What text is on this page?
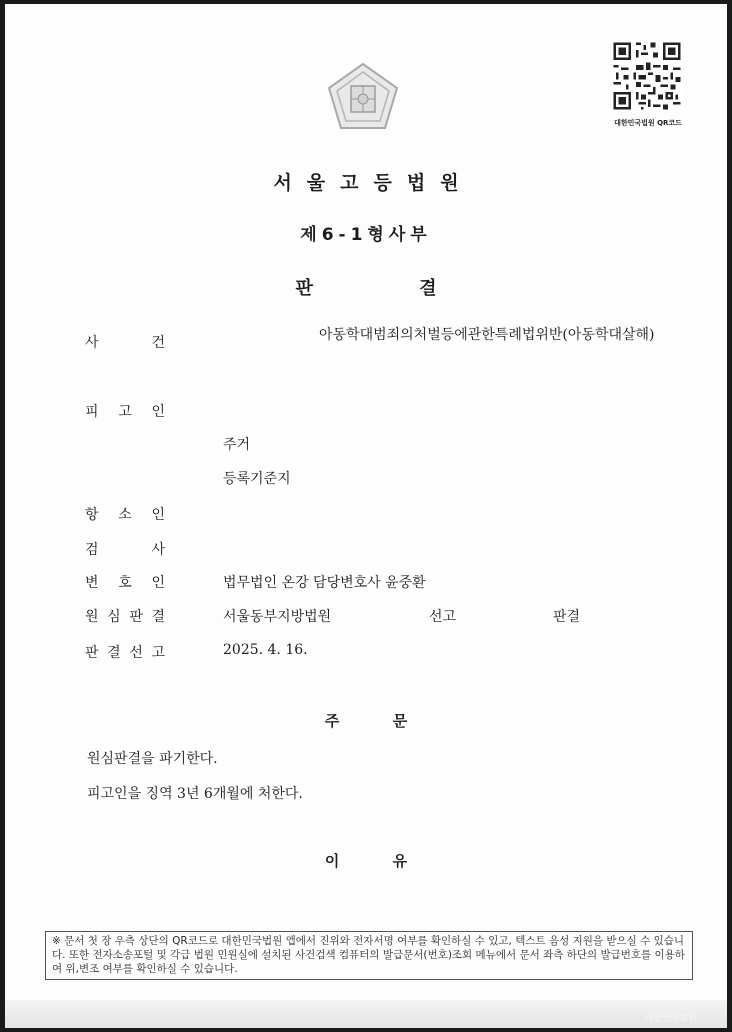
대한민국법원 QR코드
서울고등법원
제6-1형사부
판 결
사	건	아동학대범죄의처벌등에관한특례법위반(아동학대살해)
피 고 인
주거
등록기준지
항 소 인
검	사
변 호 인	법무법인 온강 담당변호사 윤중환
원 심 판 결	서울동부지방법원	선고	판결
판 결 선 고	2025. 4. 16.
주 문
원심판결을 파기한다.
피고인을 징역 3년 6개월에 처한다.
이 유
※ 문서 첫 장 우측 상단의 QR코드로 대한민국법원 앱에서 진위와 전자서명 여부를 확인하실 수 있고, 텍스트 음성 지원을 받으실 수 있습니다. 또한 전자소송포털 및 각급 법원 민원실에 설치된 사건검색 컴퓨터의 발급문서(번호)조회 메뉴에서 문서 좌측 하단의 발급번호를 이용하여 위,변조 여부를 확인하실 수 있습니다.
대한민국법원
